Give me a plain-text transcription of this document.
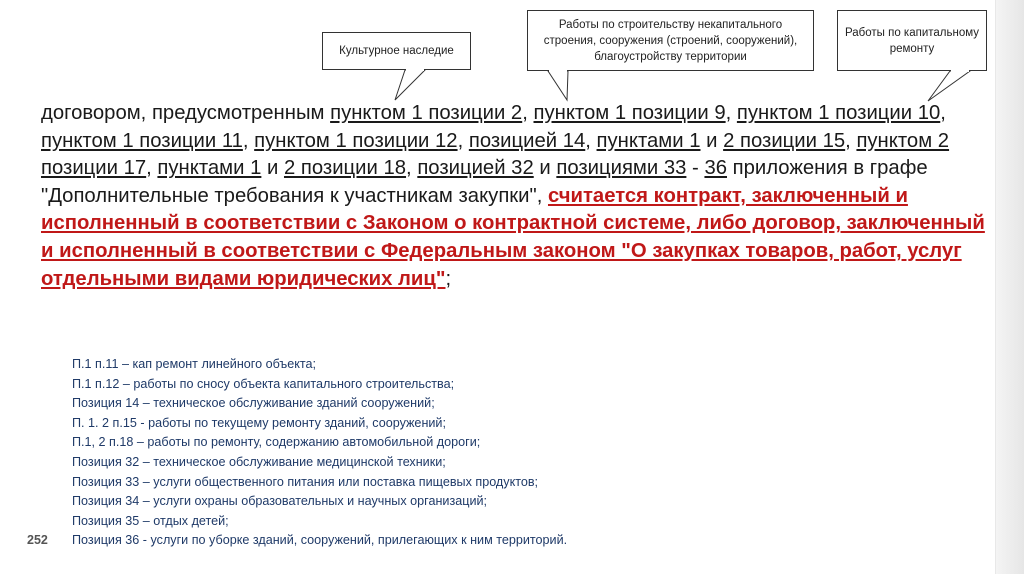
Культурное наследие
Работы по строительству некапитального строения, сооружения (строений, сооружений), благоустройству территории
Работы по капитальному ремонту
договором, предусмотренным пунктом 1 позиции 2, пунктом 1 позиции 9, пунктом 1 позиции 10, пунктом 1 позиции 11, пунктом 1 позиции 12, позицией 14, пунктами 1 и 2 позиции 15, пунктом 2 позиции 17, пунктами 1 и 2 позиции 18, позицией 32 и позициями 33 - 36 приложения в графе "Дополнительные требования к участникам закупки", считается контракт, заключенный и исполненный в соответствии с Законом о контрактной системе, либо договор, заключенный и исполненный в соответствии с Федеральным законом "О закупках товаров, работ, услуг отдельными видами юридических лиц";
П.1 п.11 – кап ремонт линейного объекта;
П.1 п.12 – работы по сносу объекта капитального строительства;
Позиция 14 – техническое обслуживание зданий сооружений;
П. 1. 2 п.15 - работы по текущему ремонту зданий, сооружений;
П.1, 2 п.18 – работы по ремонту, содержанию автомобильной дороги;
Позиция 32 – техническое обслуживание медицинской техники;
Позиция 33 – услуги общественного питания или поставка пищевых продуктов;
Позиция 34 – услуги охраны образовательных и научных организаций;
Позиция 35 – отдых детей;
Позиция 36 - услуги по уборке зданий, сооружений, прилегающих к ним территорий.
252
